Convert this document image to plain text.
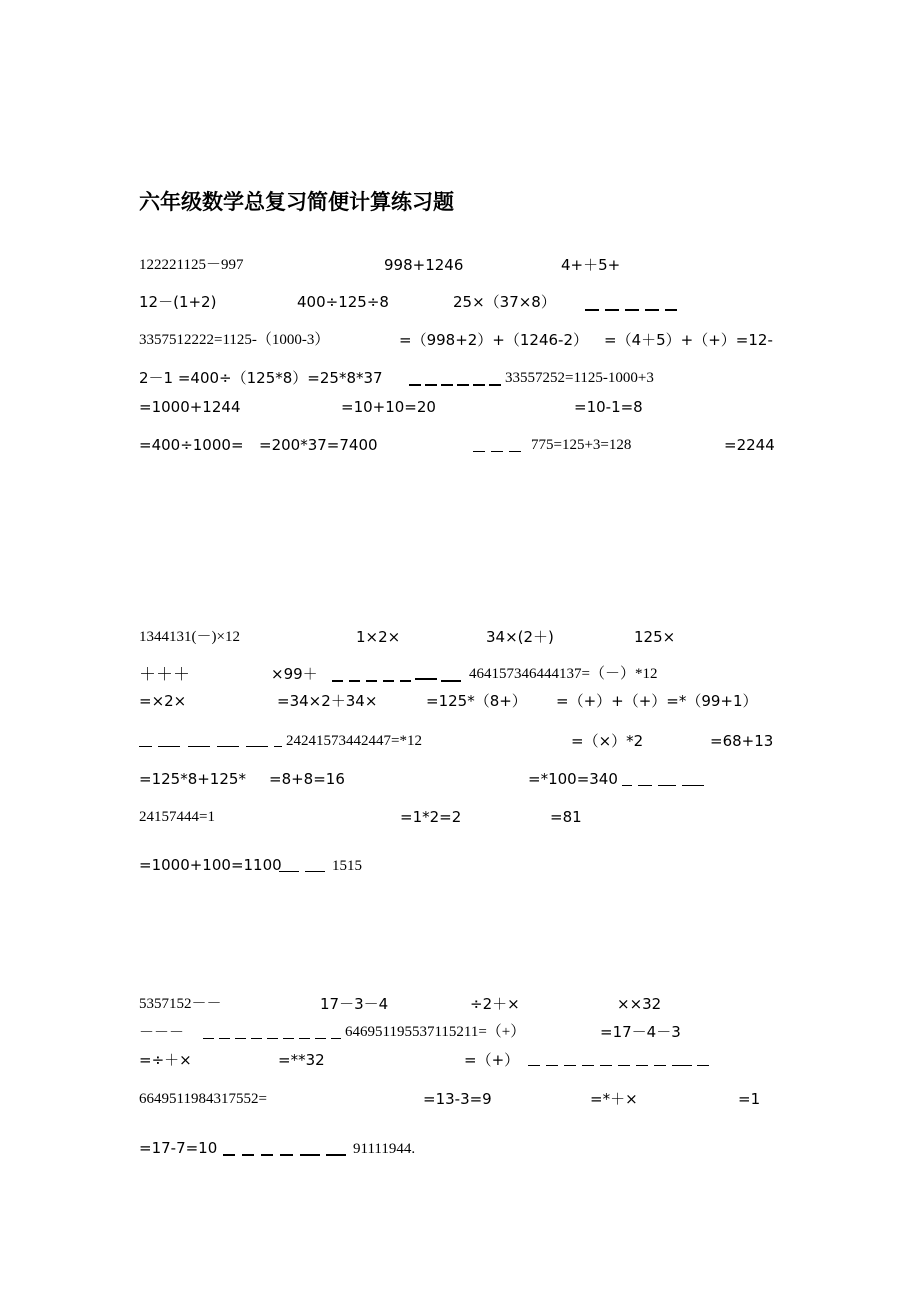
六年级数学总复习简便计算练习题
122221125－997	998+1246	4+＋5+
12－(1+2)	400÷125÷8	25×（37×8）
3357512222=1125-（1000-3）	=（998+2）+（1246-2） =（4＋5）+（+）=12-
2－1 =400÷（125*8）=25*8*37	33557252=1125-1000+3
=1000+1244	=10+10=20	=10-1=8
=400÷1000= =200*37=7400	775=125+3=128	=2244
1344131(－)×12	1×2×	34×(2＋)	125×
＋＋＋	×99＋	464157346444137=（－）*12
=×2×	=34×2＋34×	=125*（8+） =（+）+（+）=*（99+1）
24241573442447=*12	=（×）*2	=68+13
=125*8+125* =8+8=16	=*100=340
24157444=1	=1*2=2	=81
=1000+100=1100	1515
5357152－－	17－3－4	÷2＋×	××32
－－－	646951195537115211=（+）	=17－4－3
=÷＋×	=**32	=（+）
6649511984317552=	=13-3=9	=*＋×	=1
=17-7=10	91111944.
